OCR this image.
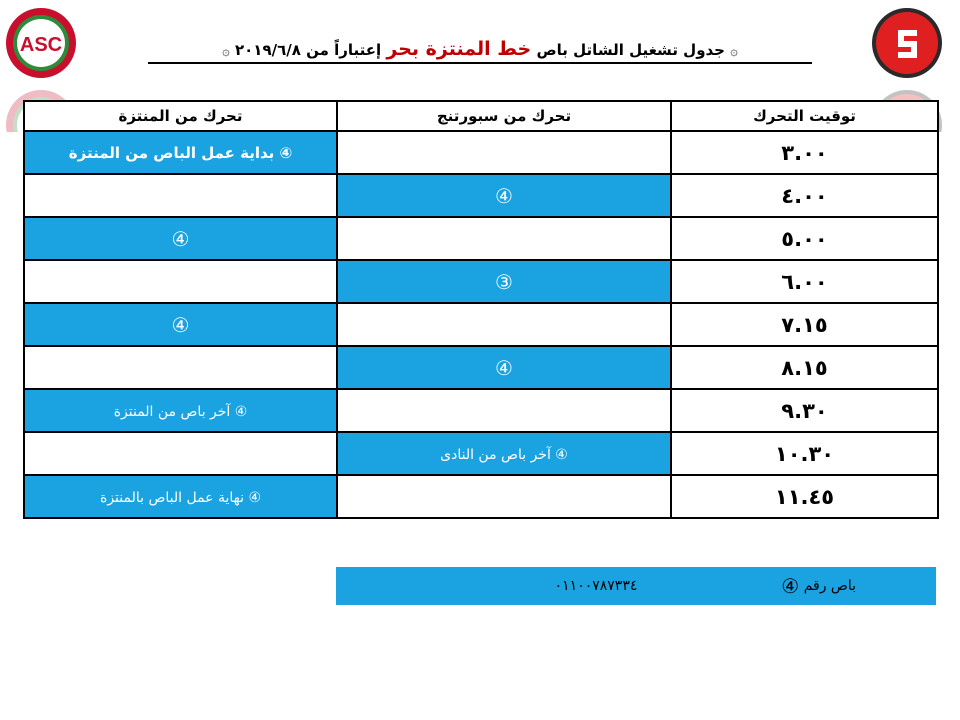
ASC	۞ جدول تشغيل الشاتل باص خط المنتزة بحر إعتباراً من ٢٠١٩/٦/٨ ۞
توقيت التحرك	تحرك من سبورتنج	تحرك من المنتزة
٣.٠٠		④ بداية عمل الباص من المنتزة
٤.٠٠	④	
٥.٠٠		④
٦.٠٠	③	
٧.١٥		④
٨.١٥	④	
٩.٣٠		④ آخر باص من المنتزة
١٠.٣٠	④ آخر باص من النادى	
١١.٤٥		④ نهاية عمل الباص بالمنتزة
باص رقم ④
٠١١٠٠٧٨٧٣٣٤
